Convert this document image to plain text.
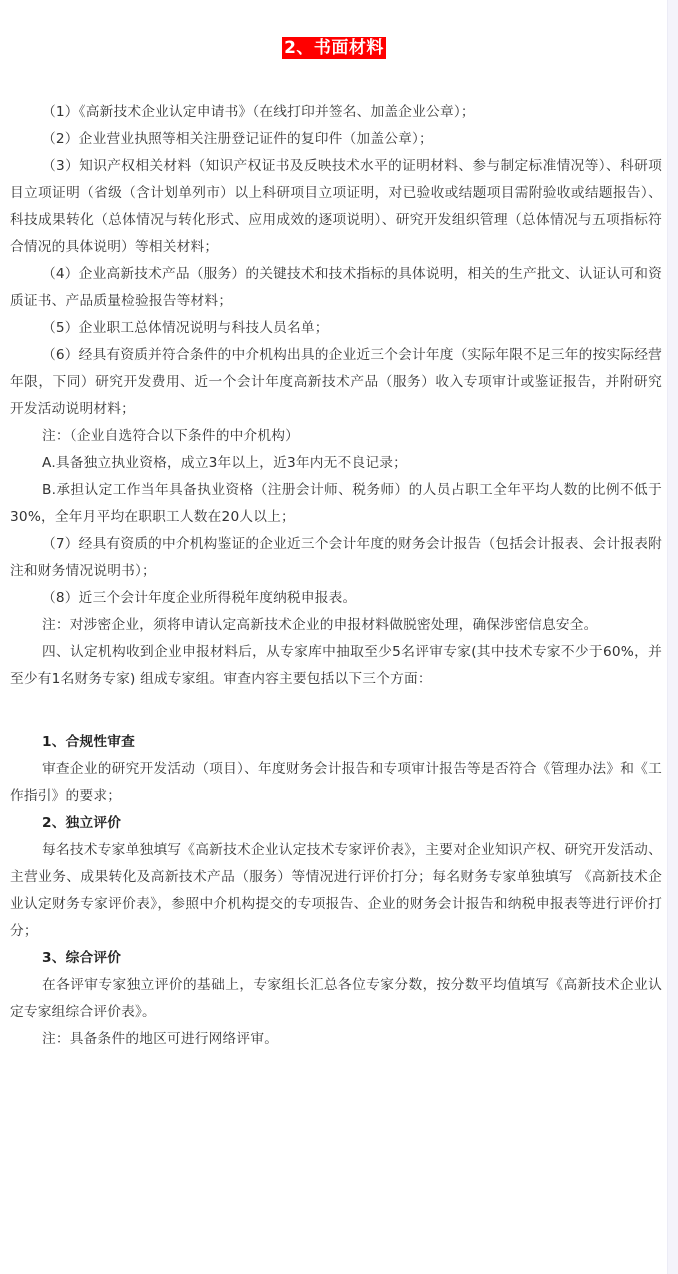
2、书面材料

（1）《高新技术企业认定申请书》（在线打印并签名、加盖企业公章）；

（2）企业营业执照等相关注册登记证件的复印件（加盖公章）；

（3）知识产权相关材料（知识产权证书及反映技术水平的证明材料、参与制定标准情况等）、科研项目立项证明（省级（含计划单列市）以上科研项目立项证明，对已验收或结题项目需附验收或结题报告）、科技成果转化（总体情况与转化形式、应用成效的逐项说明）、研究开发组织管理（总体情况与五项指标符合情况的具体说明）等相关材料；

（4）企业高新技术产品（服务）的关键技术和技术指标的具体说明，相关的生产批文、认证认可和资质证书、产品质量检验报告等材料；

（5）企业职工总体情况说明与科技人员名单；

（6）经具有资质并符合条件的中介机构出具的企业近三个会计年度（实际年限不足三年的按实际经营年限，下同）研究开发费用、近一个会计年度高新技术产品（服务）收入专项审计或鉴证报告，并附研究开发活动说明材料；

注：（企业自选符合以下条件的中介机构）

A.具备独立执业资格，成立3年以上，近3年内无不良记录；

B.承担认定工作当年具备执业资格（注册会计师、税务师）的人员占职工全年平均人数的比例不低于30%，全年月平均在职职工人数在20人以上；

（7）经具有资质的中介机构鉴证的企业近三个会计年度的财务会计报告（包括会计报表、会计报表附注和财务情况说明书）；

（8）近三个会计年度企业所得税年度纳税申报表。

注：对涉密企业，须将申请认定高新技术企业的申报材料做脱密处理，确保涉密信息安全。

四、认定机构收到企业申报材料后，从专家库中抽取至少5名评审专家(其中技术专家不少于60%，并至少有1名财务专家) 组成专家组。审查内容主要包括以下三个方面：

1、合规性审查

审查企业的研究开发活动（项目）、年度财务会计报告和专项审计报告等是否符合《管理办法》和《工作指引》的要求；

2、独立评价

每名技术专家单独填写《高新技术企业认定技术专家评价表》，主要对企业知识产权、研究开发活动、主营业务、成果转化及高新技术产品（服务）等情况进行评价打分；每名财务专家单独填写 《高新技术企业认定财务专家评价表》，参照中介机构提交的专项报告、企业的财务会计报告和纳税申报表等进行评价打分；

3、综合评价

在各评审专家独立评价的基础上，专家组长汇总各位专家分数，按分数平均值填写《高新技术企业认定专家组综合评价表》。

注：具备条件的地区可进行网络评审。
